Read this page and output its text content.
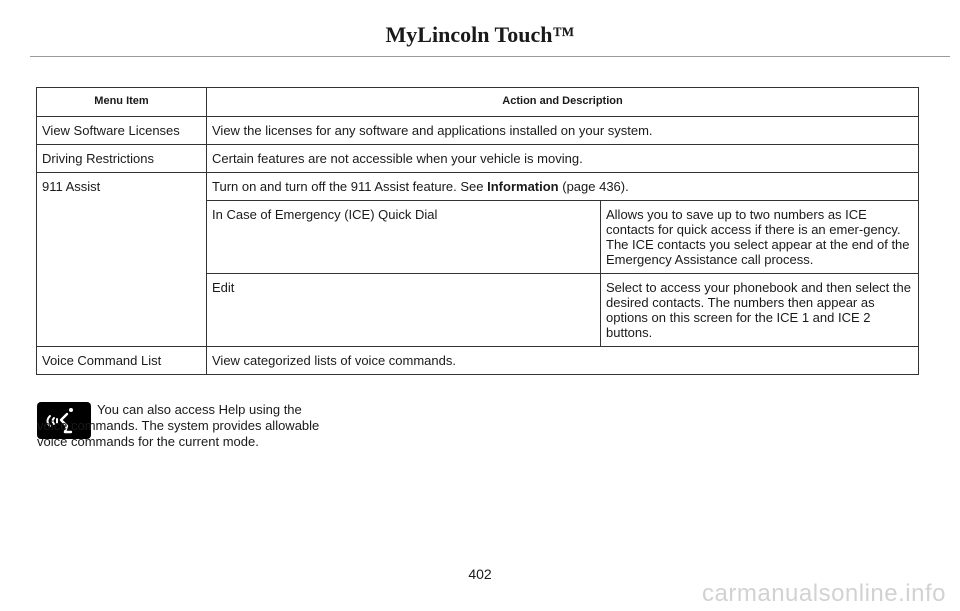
MyLincoln Touch™
Menu Item	Action and Description
View Software Licenses	View the licenses for any software and applications installed on your system.
Driving Restrictions	Certain features are not accessible when your vehicle is moving.
911 Assist	Turn on and turn off the 911 Assist feature. See Information (page 436).
In Case of Emergency (ICE) Quick Dial	Allows you to save up to two numbers as ICE contacts for quick access if there is an emer-gency.
The ICE contacts you select appear at the end of the Emergency Assistance call process.

Edit	Select to access your phonebook and then select the desired contacts. The numbers then appear as options on this screen for the ICE 1 and ICE 2 buttons.

Voice Command List	View categorized lists of voice commands.
You can also access Help using the voice commands. The system provides allowable voice commands for the current mode.
402
carmanualsonline.info
